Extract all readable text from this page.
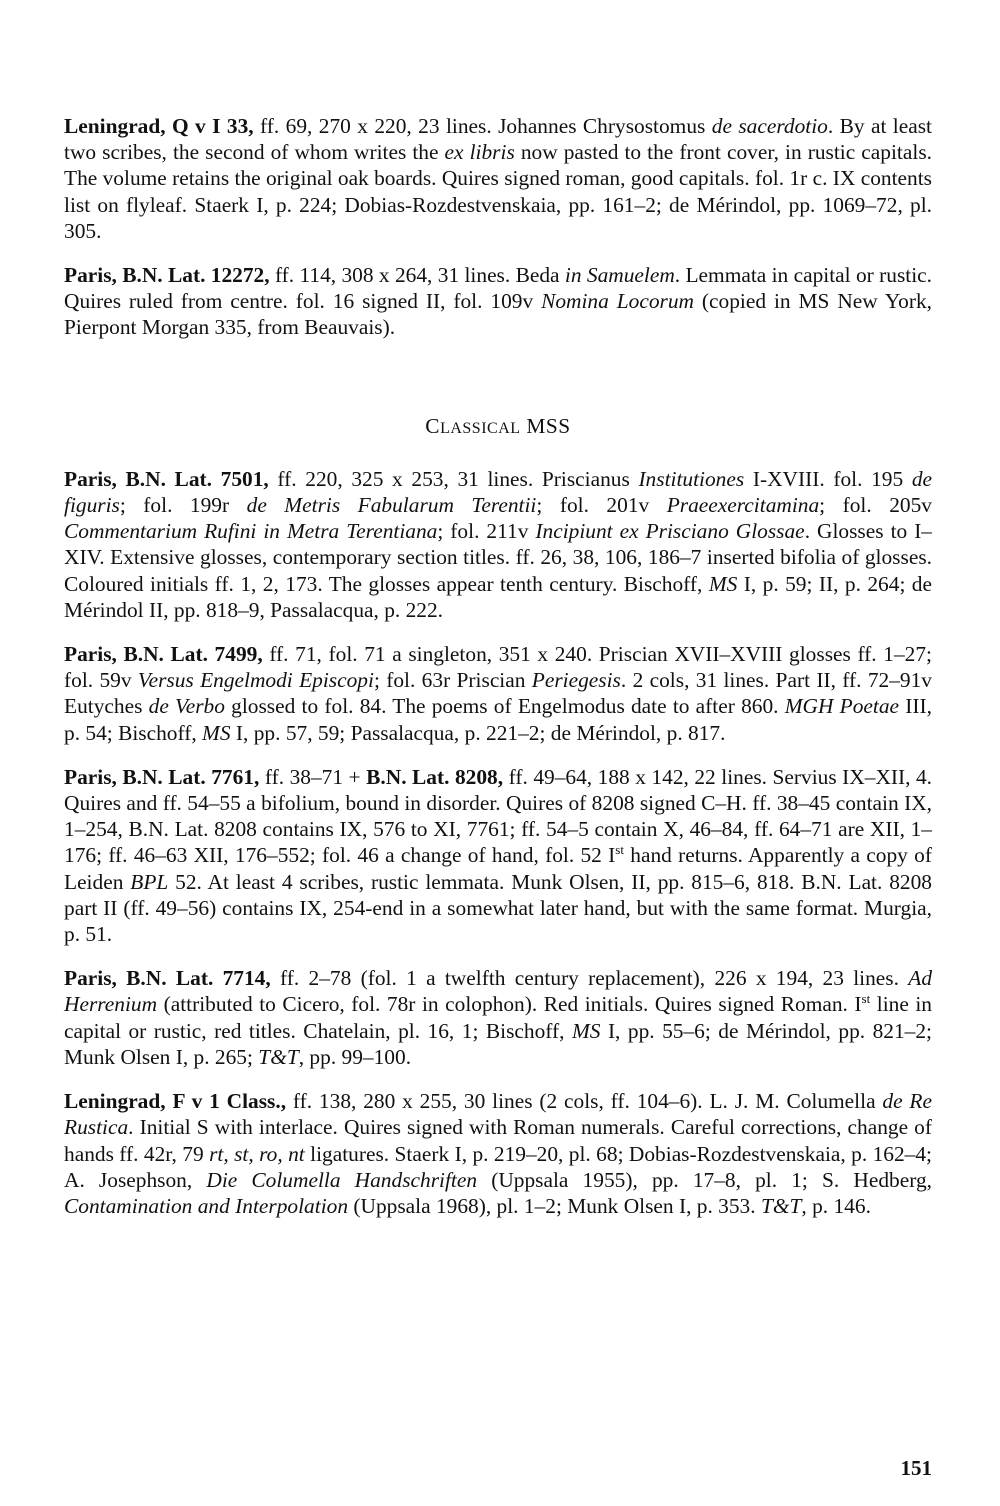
Leningrad, Q v I 33, ff. 69, 270 x 220, 23 lines. Johannes Chrysostomus de sacerdotio. By at least two scribes, the second of whom writes the ex libris now pasted to the front cover, in rustic capitals. The volume retains the original oak boards. Quires signed roman, good capitals. fol. 1r c. IX contents list on flyleaf. Staerk I, p. 224; Dobias-Rozdestvenskaia, pp. 161–2; de Mérindol, pp. 1069–72, pl. 305.

Paris, B.N. Lat. 12272, ff. 114, 308 x 264, 31 lines. Beda in Samuelem. Lemmata in capital or rustic. Quires ruled from centre. fol. 16 signed II, fol. 109v Nomina Locorum (copied in MS New York, Pierpont Morgan 335, from Beauvais).

CLASSICAL MSS

Paris, B.N. Lat. 7501, ff. 220, 325 x 253, 31 lines. Priscianus Institutiones I-XVIII. fol. 195 de figuris; fol. 199r de Metris Fabularum Terentii; fol. 201v Praeexercitamina; fol. 205v Commentarium Rufini in Metra Terentiana; fol. 211v Incipiunt ex Prisciano Glossae. Glosses to I–XIV. Extensive glosses, contemporary section titles. ff. 26, 38, 106, 186–7 inserted bifolia of glosses. Coloured initials ff. 1, 2, 173. The glosses appear tenth century. Bischoff, MS I, p. 59; II, p. 264; de Mérindol II, pp. 818–9, Passalacqua, p. 222.

Paris, B.N. Lat. 7499, ff. 71, fol. 71 a singleton, 351 x 240. Priscian XVII–XVIII glosses ff. 1–27; fol. 59v Versus Engelmodi Episcopi; fol. 63r Priscian Periegesis. 2 cols, 31 lines. Part II, ff. 72–91v Eutyches de Verbo glossed to fol. 84. The poems of Engelmodus date to after 860. MGH Poetae III, p. 54; Bischoff, MS I, pp. 57, 59; Passalacqua, p. 221–2; de Mérindol, p. 817.

Paris, B.N. Lat. 7761, ff. 38–71 + B.N. Lat. 8208, ff. 49–64, 188 x 142, 22 lines. Servius IX–XII, 4. Quires and ff. 54–55 a bifolium, bound in disorder. Quires of 8208 signed C–H. ff. 38–45 contain IX, 1–254, B.N. Lat. 8208 contains IX, 576 to XI, 7761; ff. 54–5 contain X, 46–84, ff. 64–71 are XII, 1–176; ff. 46–63 XII, 176–552; fol. 46 a change of hand, fol. 52 Ist hand returns. Apparently a copy of Leiden BPL 52. At least 4 scribes, rustic lemmata. Munk Olsen, II, pp. 815–6, 818. B.N. Lat. 8208 part II (ff. 49–56) contains IX, 254-end in a somewhat later hand, but with the same format. Murgia, p. 51.

Paris, B.N. Lat. 7714, ff. 2–78 (fol. 1 a twelfth century replacement), 226 x 194, 23 lines. Ad Herrenium (attributed to Cicero, fol. 78r in colophon). Red initials. Quires signed Roman. Ist line in capital or rustic, red titles. Chatelain, pl. 16, 1; Bischoff, MS I, pp. 55–6; de Mérindol, pp. 821–2; Munk Olsen I, p. 265; T&T, pp. 99–100.

Leningrad, F v 1 Class., ff. 138, 280 x 255, 30 lines (2 cols, ff. 104–6). L. J. M. Columella de Re Rustica. Initial S with interlace. Quires signed with Roman numerals. Careful corrections, change of hands ff. 42r, 79 rt, st, ro, nt ligatures. Staerk I, p. 219–20, pl. 68; Dobias-Rozdestvenskaia, p. 162–4; A. Josephson, Die Columella Handschriften (Uppsala 1955), pp. 17–8, pl. 1; S. Hedberg, Contamination and Interpolation (Uppsala 1968), pl. 1–2; Munk Olsen I, p. 353. T&T, p. 146.

151
